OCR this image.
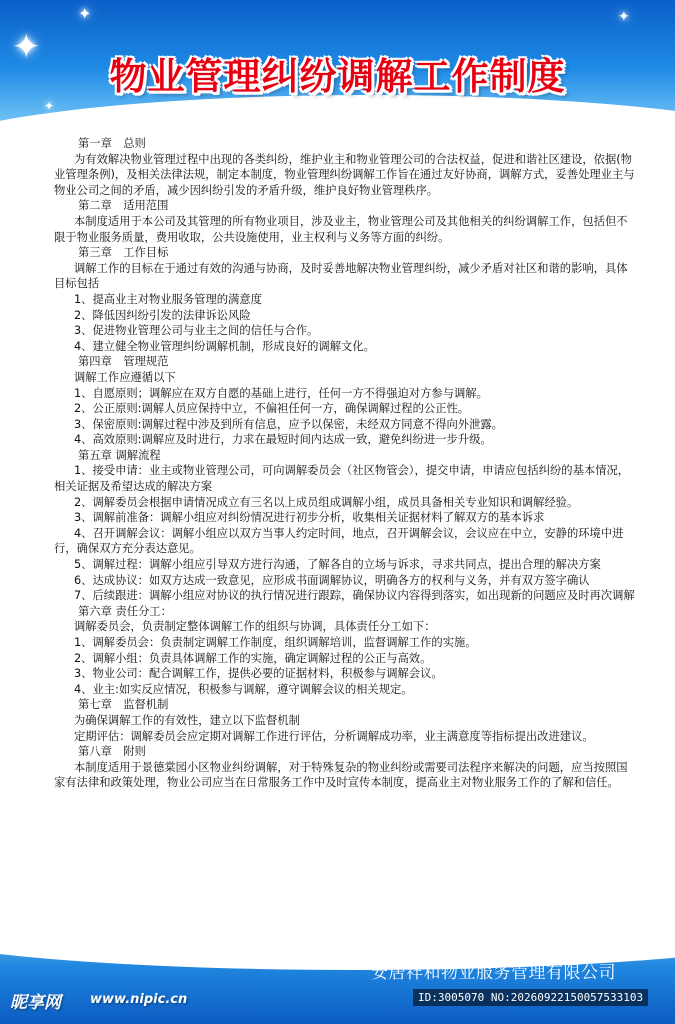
✦
✦
✦
✦
物业管理纠纷调解工作制度

第一章　总则

为有效解决物业管理过程中出现的各类纠纷，维护业主和物业管理公司的合法权益，促进和谐社区建设，依据(物业管理条例)，及相关法律法规，制定本制度，物业管理纠纷调解工作旨在通过友好协商，调解方式，妥善处理业主与物业公司之间的矛盾，减少因纠纷引发的矛盾升级，维护良好物业管理秩序。

第二章　适用范围

本制度适用于本公司及其管理的所有物业项目，涉及业主，物业管理公司及其他相关的纠纷调解工作，包括但不限于物业服务质量，费用收取，公共设施使用，业主权利与义务等方面的纠纷。

第三章　工作目标

调解工作的目标在于通过有效的沟通与协商，及时妥善地解决物业管理纠纷，减少矛盾对社区和谐的影响，具体目标包括

1、提高业主对物业服务管理的满意度

2、降低因纠纷引发的法律诉讼风险

3、促进物业管理公司与业主之间的信任与合作。

4、建立健全物业管理纠纷调解机制，形成良好的调解文化。

第四章　管理规范

调解工作应遵循以下

1、自愿原则；调解应在双方自愿的基础上进行，任何一方不得强迫对方参与调解。

2、公正原则:调解人员应保持中立，不偏袒任何一方，确保调解过程的公正性。

3、保密原则:调解过程中涉及到所有信息，应予以保密，未经双方同意不得向外泄露。

4、高效原则:调解应及时进行，力求在最短时间内达成一致，避免纠纷进一步升级。

第五章 调解流程

1、接受申请：业主或物业管理公司，可向调解委员会（社区物管会），提交申请，申请应包括纠纷的基本情况，相关证据及希望达成的解决方案

2、调解委员会根据申请情况成立有三名以上成员组成调解小组，成员具备相关专业知识和调解经验。

3、调解前准备：调解小组应对纠纷情况进行初步分析，收集相关证据材料了解双方的基本诉求

4、召开调解会议：调解小组应以双方当事人约定时间，地点，召开调解会议，会议应在中立，安静的环境中进行，确保双方充分表达意见。

5、调解过程：调解小组应引导双方进行沟通，了解各自的立场与诉求，寻求共同点，提出合理的解决方案

6、达成协议：如双方达成一致意见，应形成书面调解协议，明确各方的权利与义务，并有双方签字确认

7、后续跟进：调解小组应对协议的执行情况进行跟踪，确保协议内容得到落实，如出现新的问题应及时再次调解

第六章 责任分工：

调解委员会，负责制定整体调解工作的组织与协调，具体责任分工如下：

1、调解委员会：负责制定调解工作制度，组织调解培训，监督调解工作的实施。

2、调解小组：负责具体调解工作的实施，确定调解过程的公正与高效。

3、物业公司：配合调解工作，提供必要的证据材料，积极参与调解会议。

4、业主:如实反应情况，积极参与调解，遵守调解会议的相关规定。

第七章　监督机制

为确保调解工作的有效性，建立以下监督机制

定期评估：调解委员会应定期对调解工作进行评估，分析调解成功率，业主满意度等指标提出改进建议。

第八章　附则

本制度适用于景德棠园小区物业纠纷调解，对于特殊复杂的物业纠纷或需要司法程序来解决的问题，应当按照国家有法律和政策处理，物业公司应当在日常服务工作中及时宣传本制度，提高业主对物业服务工作的了解和信任。

安居祥和物业服务管理有限公司
昵享网 www.nipic.cn	ID:3005070 NO:20260922150057533103
